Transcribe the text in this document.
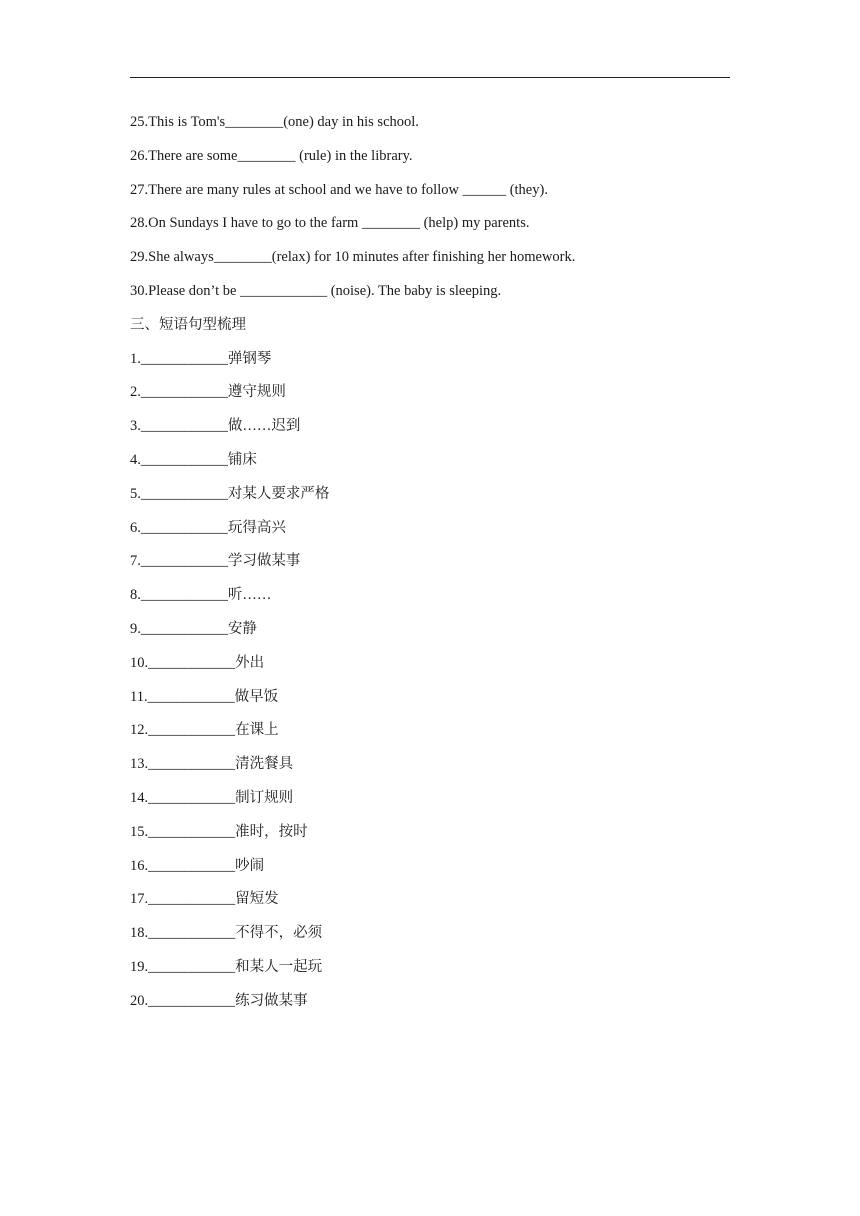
25.This is Tom's________(one) day in his school.
26.There are some________ (rule) in the library.
27.There are many rules at school and we have to follow ______ (they).
28.On Sundays I have to go to the farm ________ (help) my parents.
29.She always________(relax) for 10 minutes after finishing her homework.
30.Please don’t be ____________ (noise). The baby is sleeping.
三、短语句型梳理
1.____________弹钢琴
2.____________遵守规则
3.____________做……迟到
4.____________铺床
5.____________对某人要求严格
6.____________玩得高兴
7.____________学习做某事
8.____________听……
9.____________安静
10.____________外出
11.____________做早饭
12.____________在课上
13.____________清洗餐具
14.____________制订规则
15.____________准时，按时
16.____________吵闹
17.____________留短发
18.____________不得不，必须
19.____________和某人一起玩
20.____________练习做某事
